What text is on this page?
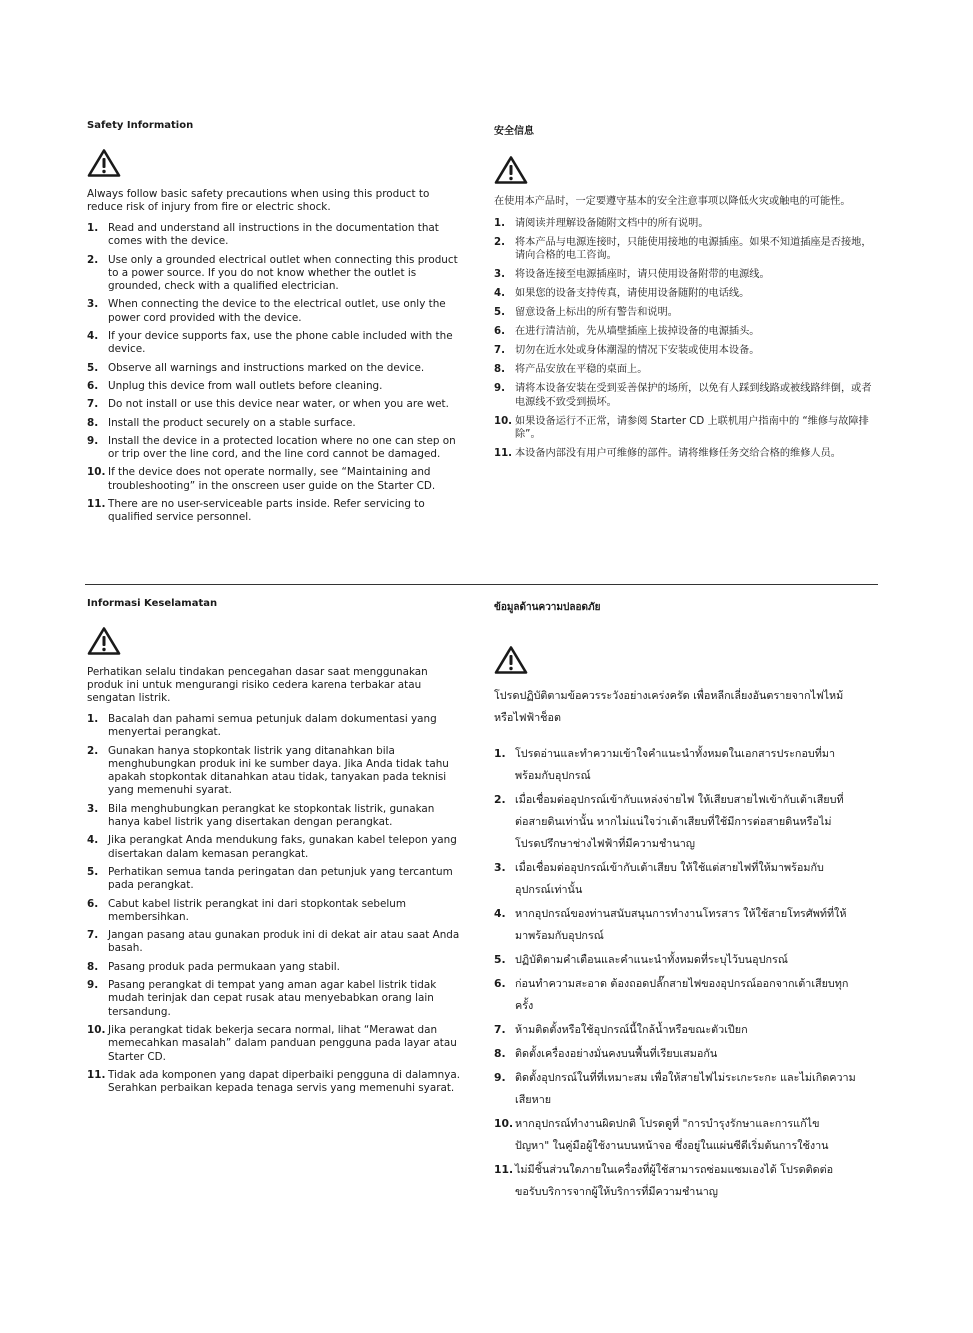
Safety Information

Always follow basic safety precautions when using this product to reduce risk of injury from fire or electric shock.

1. Read and understand all instructions in the documentation that comes with the device.
2. Use only a grounded electrical outlet when connecting this product to a power source. If you do not know whether the outlet is grounded, check with a qualified electrician.
3. When connecting the device to the electrical outlet, use only the power cord provided with the device.
4. If your device supports fax, use the phone cable included with the device.
5. Observe all warnings and instructions marked on the device.
6. Unplug this device from wall outlets before cleaning.
7. Do not install or use this device near water, or when you are wet.
8. Install the product securely on a stable surface.
9. Install the device in a protected location where no one can step on or trip over the line cord, and the line cord cannot be damaged.
10. If the device does not operate normally, see “Maintaining and troubleshooting” in the onscreen user guide on the Starter CD.
11. There are no user-serviceable parts inside. Refer servicing to qualified service personnel.
安全信息

在使用本产品时，一定要遵守基本的安全注意事项以降低火灾或触电的可能性。

1. 请阅读并理解设备随附文档中的所有说明。
2. 将本产品与电源连接时，只能使用接地的电源插座。如果不知道插座是否接地，请向合格的电工咨询。
3. 将设备连接至电源插座时，请只使用设备附带的电源线。
4. 如果您的设备支持传真，请使用设备随附的电话线。
5. 留意设备上标出的所有警告和说明。
6. 在进行清洁前，先从墙壁插座上拔掉设备的电源插头。
7. 切勿在近水处或身体潮湿的情况下安装或使用本设备。
8. 将产品安放在平稳的桌面上。
9. 请将本设备安装在受到妥善保护的场所，以免有人踩到线路或被线路绊倒，或者电源线不致受到损坏。
10. 如果设备运行不正常，请参阅 Starter CD 上联机用户指南中的 “维修与故障排除”。
11. 本设备内部没有用户可维修的部件。请将维修任务交给合格的维修人员。
Informasi Keselamatan

Perhatikan selalu tindakan pencegahan dasar saat menggunakan produk ini untuk mengurangi risiko cedera karena terbakar atau sengatan listrik.

1. Bacalah dan pahami semua petunjuk dalam dokumentasi yang menyertai perangkat.
2. Gunakan hanya stopkontak listrik yang ditanahkan bila menghubungkan produk ini ke sumber daya. Jika Anda tidak tahu apakah stopkontak ditanahkan atau tidak, tanyakan pada teknisi yang memenuhi syarat.
3. Bila menghubungkan perangkat ke stopkontak listrik, gunakan hanya kabel listrik yang disertakan dengan perangkat.
4. Jika perangkat Anda mendukung faks, gunakan kabel telepon yang disertakan dalam kemasan perangkat.
5. Perhatikan semua tanda peringatan dan petunjuk yang tercantum pada perangkat.
6. Cabut kabel listrik perangkat ini dari stopkontak sebelum membersihkan.
7. Jangan pasang atau gunakan produk ini di dekat air atau saat Anda basah.
8. Pasang produk pada permukaan yang stabil.
9. Pasang perangkat di tempat yang aman agar kabel listrik tidak mudah terinjak dan cepat rusak atau menyebabkan orang lain tersandung.
10. Jika perangkat tidak bekerja secara normal, lihat “Merawat dan memecahkan masalah” dalam panduan pengguna pada layar atau Starter CD.
11. Tidak ada komponen yang dapat diperbaiki pengguna di dalamnya. Serahkan perbaikan kepada tenaga servis yang memenuhi syarat.
ข้อมูลด้านความปลอดภัย

โปรดปฏิบัติตามข้อควรระวังอย่างเคร่งครัด เพื่อหลีกเลี่ยงอันตรายจากไฟไหม้หรือไฟฟ้าช็อต

1. โปรดอ่านและทำความเข้าใจคำแนะนำทั้งหมดในเอกสารประกอบที่มาพร้อมกับอุปกรณ์
2. เมื่อเชื่อมต่ออุปกรณ์เข้ากับแหล่งจ่ายไฟ ให้เสียบสายไฟเข้ากับเต้าเสียบที่ต่อสายดินเท่านั้น หากไม่แน่ใจว่าเต้าเสียบที่ใช้มีการต่อสายดินหรือไม่ โปรดปรึกษาช่างไฟฟ้าที่มีความชำนาญ
3. เมื่อเชื่อมต่ออุปกรณ์เข้ากับเต้าเสียบ ให้ใช้แต่สายไฟที่ให้มาพร้อมกับอุปกรณ์เท่านั้น
4. หากอุปกรณ์ของท่านสนับสนุนการทำงานโทรสาร ให้ใช้สายโทรศัพท์ที่ให้มาพร้อมกับอุปกรณ์
5. ปฏิบัติตามคำเตือนและคำแนะนำทั้งหมดที่ระบุไว้บนอุปกรณ์
6. ก่อนทำความสะอาด ต้องถอดปลั๊กสายไฟของอุปกรณ์ออกจากเต้าเสียบทุกครั้ง
7. ห้ามติดตั้งหรือใช้อุปกรณ์นี้ใกล้น้ำหรือขณะตัวเปียก
8. ติดตั้งเครื่องอย่างมั่นคงบนพื้นที่เรียบเสมอกัน
9. ติดตั้งอุปกรณ์ในที่ที่เหมาะสม เพื่อให้สายไฟไม่ระเกะระกะ และไม่เกิดความเสียหาย
10. หากอุปกรณ์ทำงานผิดปกติ โปรดดูที่ "การบำรุงรักษาและการแก้ไข ปัญหา" ในคู่มือผู้ใช้งานบนหน้าจอ ซึ่งอยู่ในแผ่นซีดีเริ่มต้นการใช้งาน
11. ไม่มีชิ้นส่วนใดภายในเครื่องที่ผู้ใช้สามารถซ่อมแซมเองได้ โปรดติดต่อขอรับบริการจากผู้ให้บริการที่มีความชำนาญ
